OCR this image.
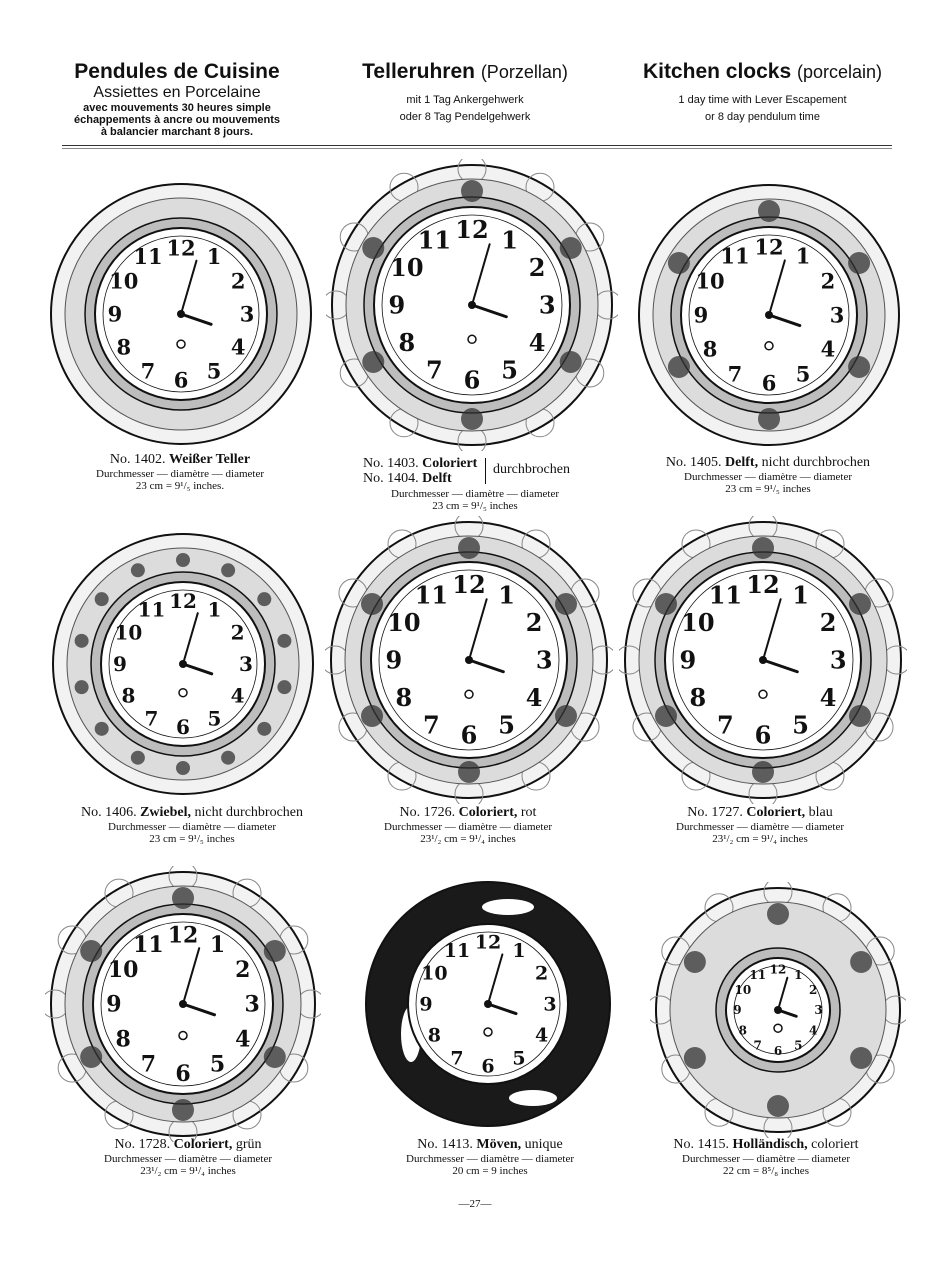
Pendules de Cuisine
Assiettes en Porcelaine
avec mouvements 30 heures simple
échappements à ancre ou mouvements
à balancier marchant 8 jours.
Telleruhren (Porzellan)
mit 1 Tag Ankergehwerk
oder 8 Tag Pendelgehwerk
Kitchen clocks (porcelain)
1 day time with Lever Escapement
or 8 day pendulum time
12 1
2
3
4
5
6
7
8
9
10
11
12 1
2
3
4
5
6
7
8
9
10
11	12 1
2
3
4
5
6
7
8
9
10
11
12 1
2
3
4
5
6
7
8
9
10
11
12 1
2
3
4
5
6
7
8
9
10
11	12 1
2
3
4
5
6
7
8
9
10
11
12 1
2
3
4
5
6
7
8
9
10
11	12 1
2
3
4
5
6
7
8
9
10
11
12 1
2
3
4
5
6
7
8
9
10
11
No. 1402. Weißer Teller
Durchmesser — diamètre — diameter
23 cm = 9¹/₅ inches.
No. 1403. Coloriert
No. 1404. Delft
durchbrochen
Durchmesser — diamètre — diameter
23 cm = 9¹/₅ inches
No. 1405. Delft, nicht durchbrochen
Durchmesser — diamètre — diameter
23 cm = 9¹/₅ inches
No. 1406. Zwiebel, nicht durchbrochen
Durchmesser — diamètre — diameter
23 cm = 9¹/₅ inches
No. 1726. Coloriert, rot
Durchmesser — diamètre — diameter
23¹/₂ cm = 9¹/₄ inches
No. 1727. Coloriert, blau
Durchmesser — diamètre — diameter
23¹/₂ cm = 9¹/₄ inches
No. 1728. Coloriert, grün
Durchmesser — diamètre — diameter
23¹/₂ cm = 9¹/₄ inches
No. 1413. Möven, unique
Durchmesser — diamètre — diameter
20 cm = 9 inches
No. 1415. Holländisch, coloriert
Durchmesser — diamètre — diameter
22 cm = 8⁵/₈ inches
—27—
